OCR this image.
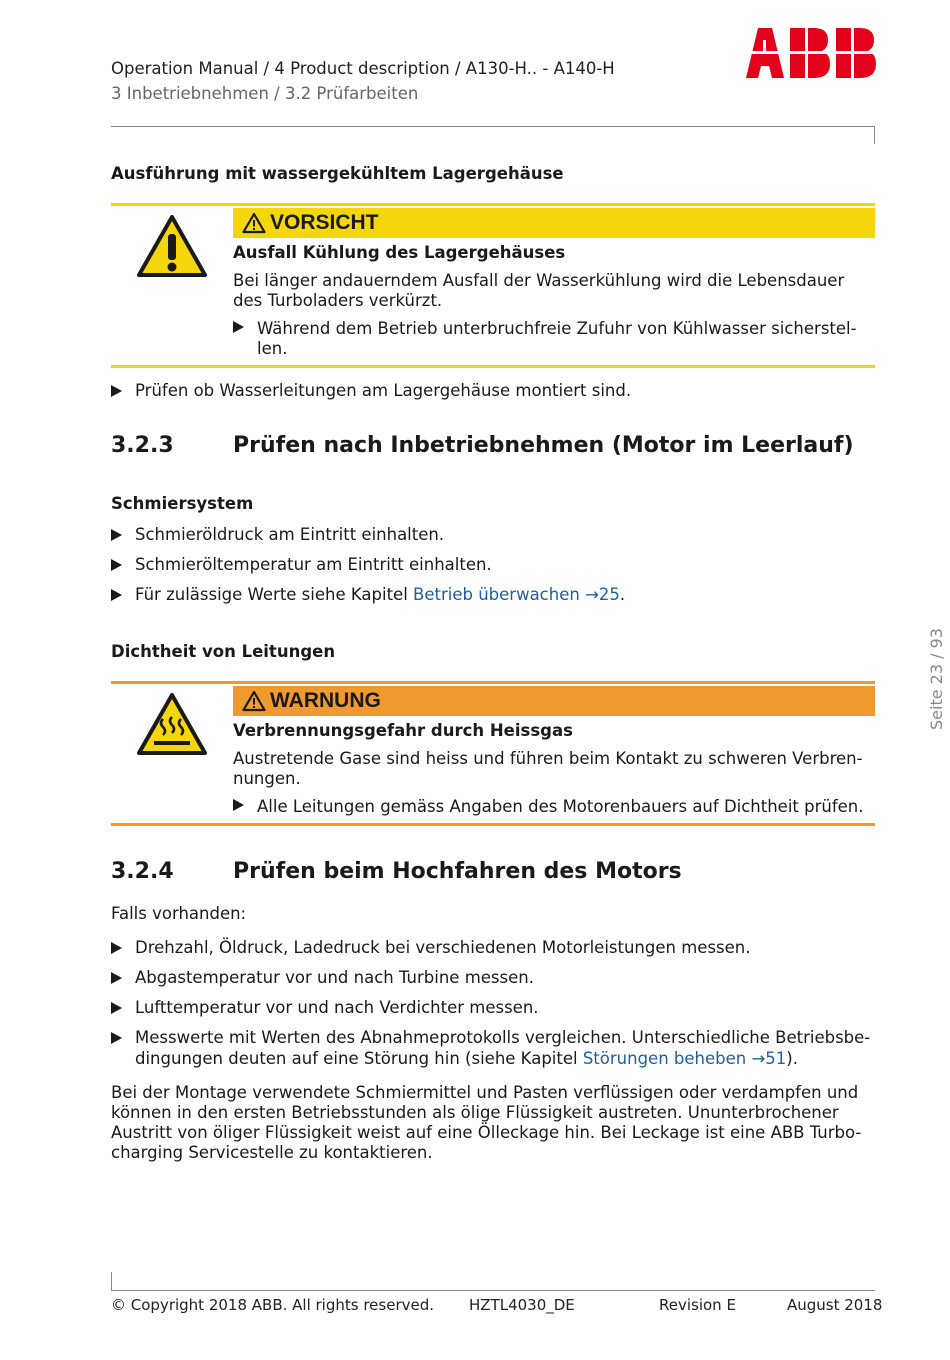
Operation Manual / 4 Product description / A130-H.. - A140-H
3 Inbetriebnehmen / 3.2 Prüfarbeiten
Ausführung mit wassergekühltem Lagergehäuse
VORSICHT
Ausfall Kühlung des Lagergehäuses
Bei länger andauerndem Ausfall der Wasserkühlung wird die Lebensdauer
des Turboladers verkürzt.
Während dem Betrieb unterbruchfreie Zufuhr von Kühlwasser sicherstel-
len.
Prüfen ob Wasserleitungen am Lagergehäuse montiert sind.
3.2.3	Prüfen nach Inbetriebnehmen (Motor im Leerlauf)
Schmiersystem
Schmieröldruck am Eintritt einhalten.
Schmieröltemperatur am Eintritt einhalten.
Für zulässige Werte siehe Kapitel Betrieb überwachen →25.
Dichtheit von Leitungen
WARNUNG
Verbrennungsgefahr durch Heissgas
Austretende Gase sind heiss und führen beim Kontakt zu schweren Verbren-
nungen.
Alle Leitungen gemäss Angaben des Motorenbauers auf Dichtheit prüfen.
3.2.4	Prüfen beim Hochfahren des Motors
Falls vorhanden:
Drehzahl, Öldruck, Ladedruck bei verschiedenen Motorleistungen messen.
Abgastemperatur vor und nach Turbine messen.
Lufttemperatur vor und nach Verdichter messen.
Messwerte mit Werten des Abnahmeprotokolls vergleichen. Unterschiedliche Betriebsbe-
dingungen deuten auf eine Störung hin (siehe Kapitel Störungen beheben →51).
Bei der Montage verwendete Schmiermittel und Pasten verflüssigen oder verdampfen und
können in den ersten Betriebsstunden als ölige Flüssigkeit austreten. Ununterbrochener
Austritt von öliger Flüssigkeit weist auf eine Ölleckage hin. Bei Leckage ist eine ABB Turbo-
charging Servicestelle zu kontaktieren.
Seite 23 / 93
© Copyright 2018 ABB. All rights reserved. HZTL4030_DE	Revision E	August 2018
